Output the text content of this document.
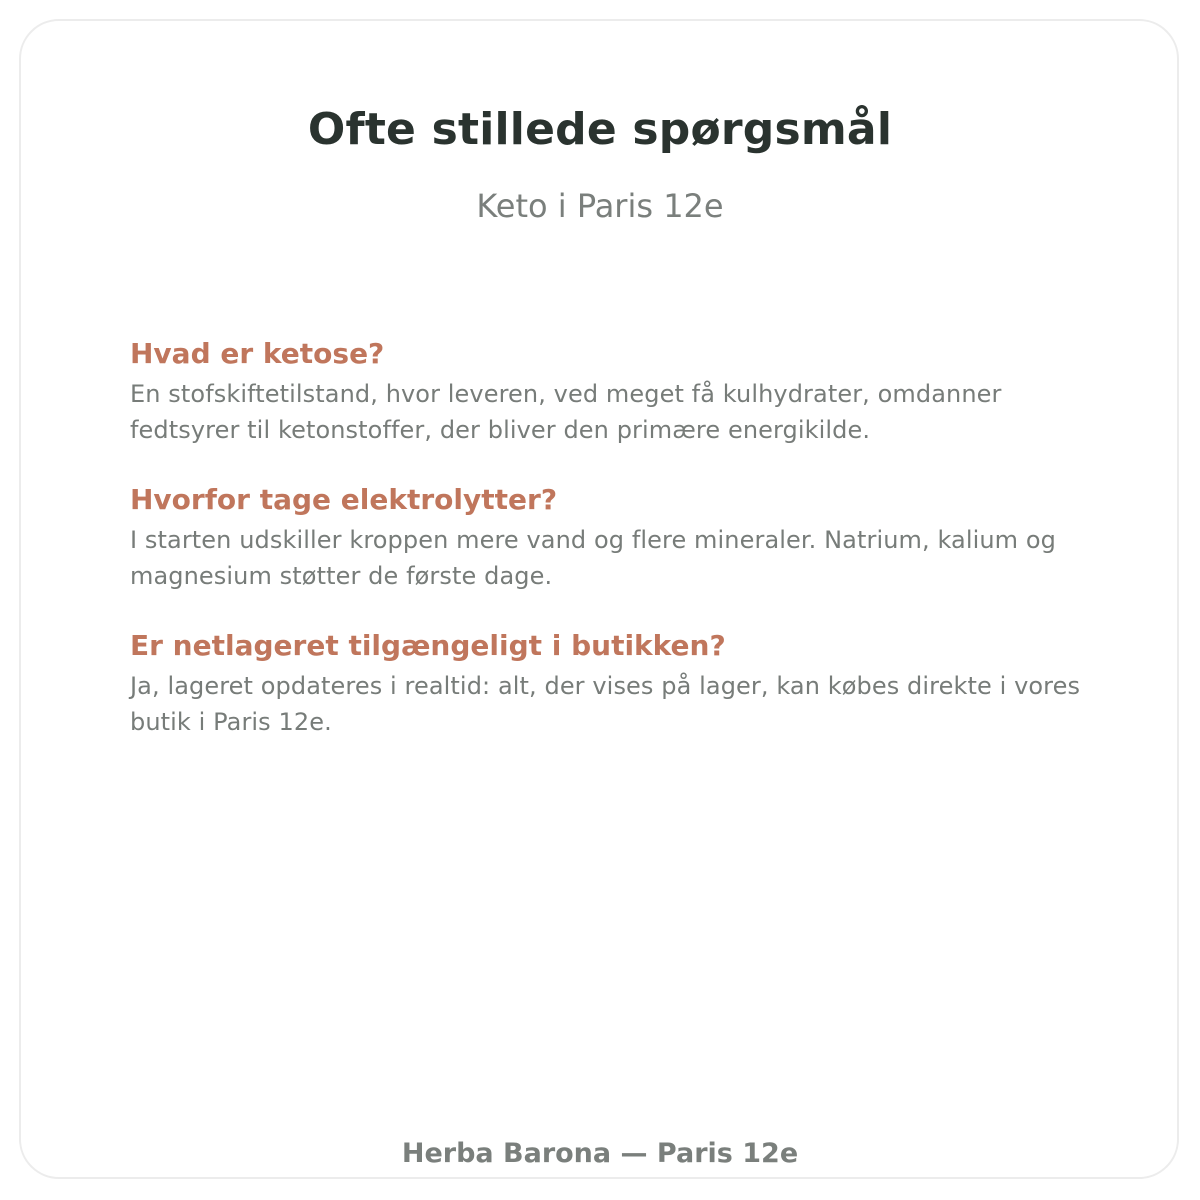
Ofte stillede spørgsmål

Keto i Paris 12e

Hvad er ketose?

En stofskiftetilstand, hvor leveren, ved meget få kulhydrater, omdanner fedtsyrer til ketonstoffer, der bliver den primære energikilde.

Hvorfor tage elektrolytter?

I starten udskiller kroppen mere vand og flere mineraler. Natrium, kalium og magnesium støtter de første dage.

Er netlageret tilgængeligt i butikken?

Ja, lageret opdateres i realtid: alt, der vises på lager, kan købes direkte i vores butik i Paris 12e.

Herba Barona — Paris 12e
